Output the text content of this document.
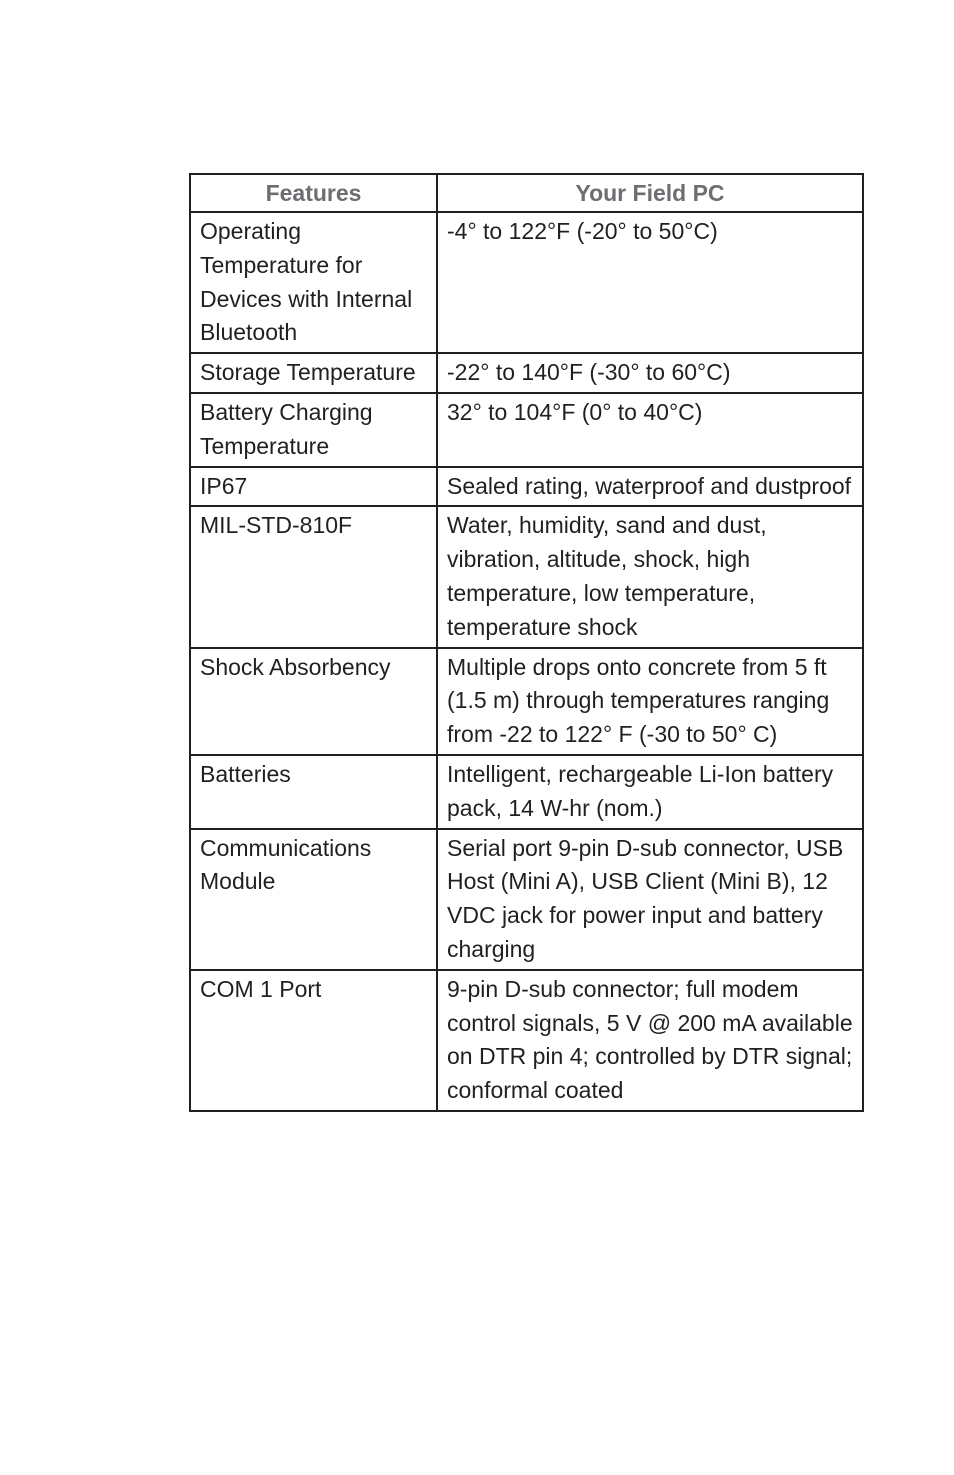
Features	Your Field PC
Operating Temperature for Devices with Internal Bluetooth	-4° to 122°F (-20° to 50°C)
Storage Temperature	-22° to 140°F (-30° to 60°C)
Battery Charging Temperature	32° to 104°F (0° to 40°C)
IP67	Sealed rating, waterproof and dustproof
MIL-STD-810F	Water, humidity, sand and dust, vibration, altitude, shock, high temperature, low temperature, temperature shock
Shock Absorbency	Multiple drops onto concrete from 5 ft (1.5 m) through temperatures ranging from -22 to 122° F (-30 to 50° C)
Batteries	Intelligent, rechargeable Li-Ion battery pack, 14 W-hr (nom.)
Communications Module	Serial port 9-pin D-sub connector, USB Host (Mini A), USB Client (Mini B), 12 VDC jack for power input and battery charging
COM 1 Port	9-pin D-sub connector; full modem control signals, 5 V @ 200 mA available on DTR pin 4; controlled by DTR signal; conformal coated
